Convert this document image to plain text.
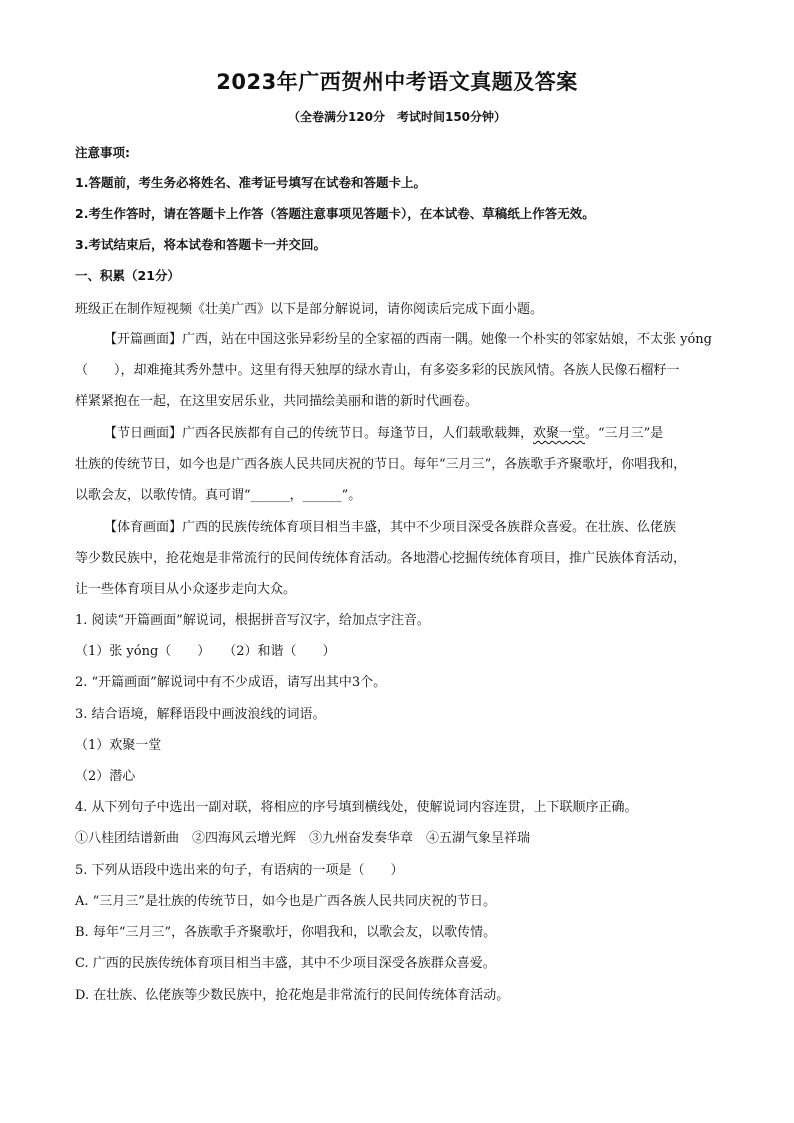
2023年广西贺州中考语文真题及答案
（全卷满分120分　考试时间150分钟）
注意事项:
1.答题前，考生务必将姓名、准考证号填写在试卷和答题卡上。
2.考生作答时，请在答题卡上作答（答题注意事项见答题卡），在本试卷、草稿纸上作答无效。
3.考试结束后，将本试卷和答题卡一并交回。
一、积累（21分）
班级正在制作短视频《壮美广西》以下是部分解说词，请你阅读后完成下面小题。
【开篇画面】广西，站在中国这张异彩纷呈的全家福的西南一隅。她像一个朴实的邻家姑娘，不太张 yóng
（　　），却难掩其秀外慧中。这里有得天独厚的绿水青山，有多姿多彩的民族风情。各族人民像石榴籽一
样紧紧抱在一起，在这里安居乐业，共同描绘美丽和谐的新时代画卷。
【节日画面】广西各民族都有自己的传统节日。每逢节日，人们载歌载舞，欢聚一堂。“三月三”是
壮族的传统节日，如今也是广西各族人民共同庆祝的节日。每年“三月三”，各族歌手齐聚歌圩，你唱我和，
以歌会友，以歌传情。真可谓“______，______”。
【体育画面】广西的民族传统体育项目相当丰盛，其中不少项目深受各族群众喜爱。在壮族、仫佬族
等少数民族中，抢花炮是非常流行的民间传统体育活动。各地潜心挖掘传统体育项目，推广民族体育活动，
让一些体育项目从小众逐步走向大众。
1. 阅读“开篇画面”解说词，根据拼音写汉字，给加点字注音。
（1）张 yóng（　　）　　（2）和谐（　　）
2. “开篇画面”解说词中有不少成语，请写出其中3个。
3. 结合语境，解释语段中画波浪线的词语。
（1）欢聚一堂
（2）潜心
4. 从下列句子中选出一副对联，将相应的序号填到横线处，使解说词内容连贯，上下联顺序正确。
①八桂团结谱新曲　②四海风云增光辉　③九州奋发奏华章　④五湖气象呈祥瑞
5. 下列从语段中选出来的句子，有语病的一项是（　　）
A. “三月三”是壮族的传统节日，如今也是广西各族人民共同庆祝的节日。
B. 每年“三月三”，各族歌手齐聚歌圩，你唱我和，以歌会友，以歌传情。
C. 广西的民族传统体育项目相当丰盛，其中不少项目深受各族群众喜爱。
D. 在壮族、仫佬族等少数民族中，抢花炮是非常流行的民间传统体育活动。
